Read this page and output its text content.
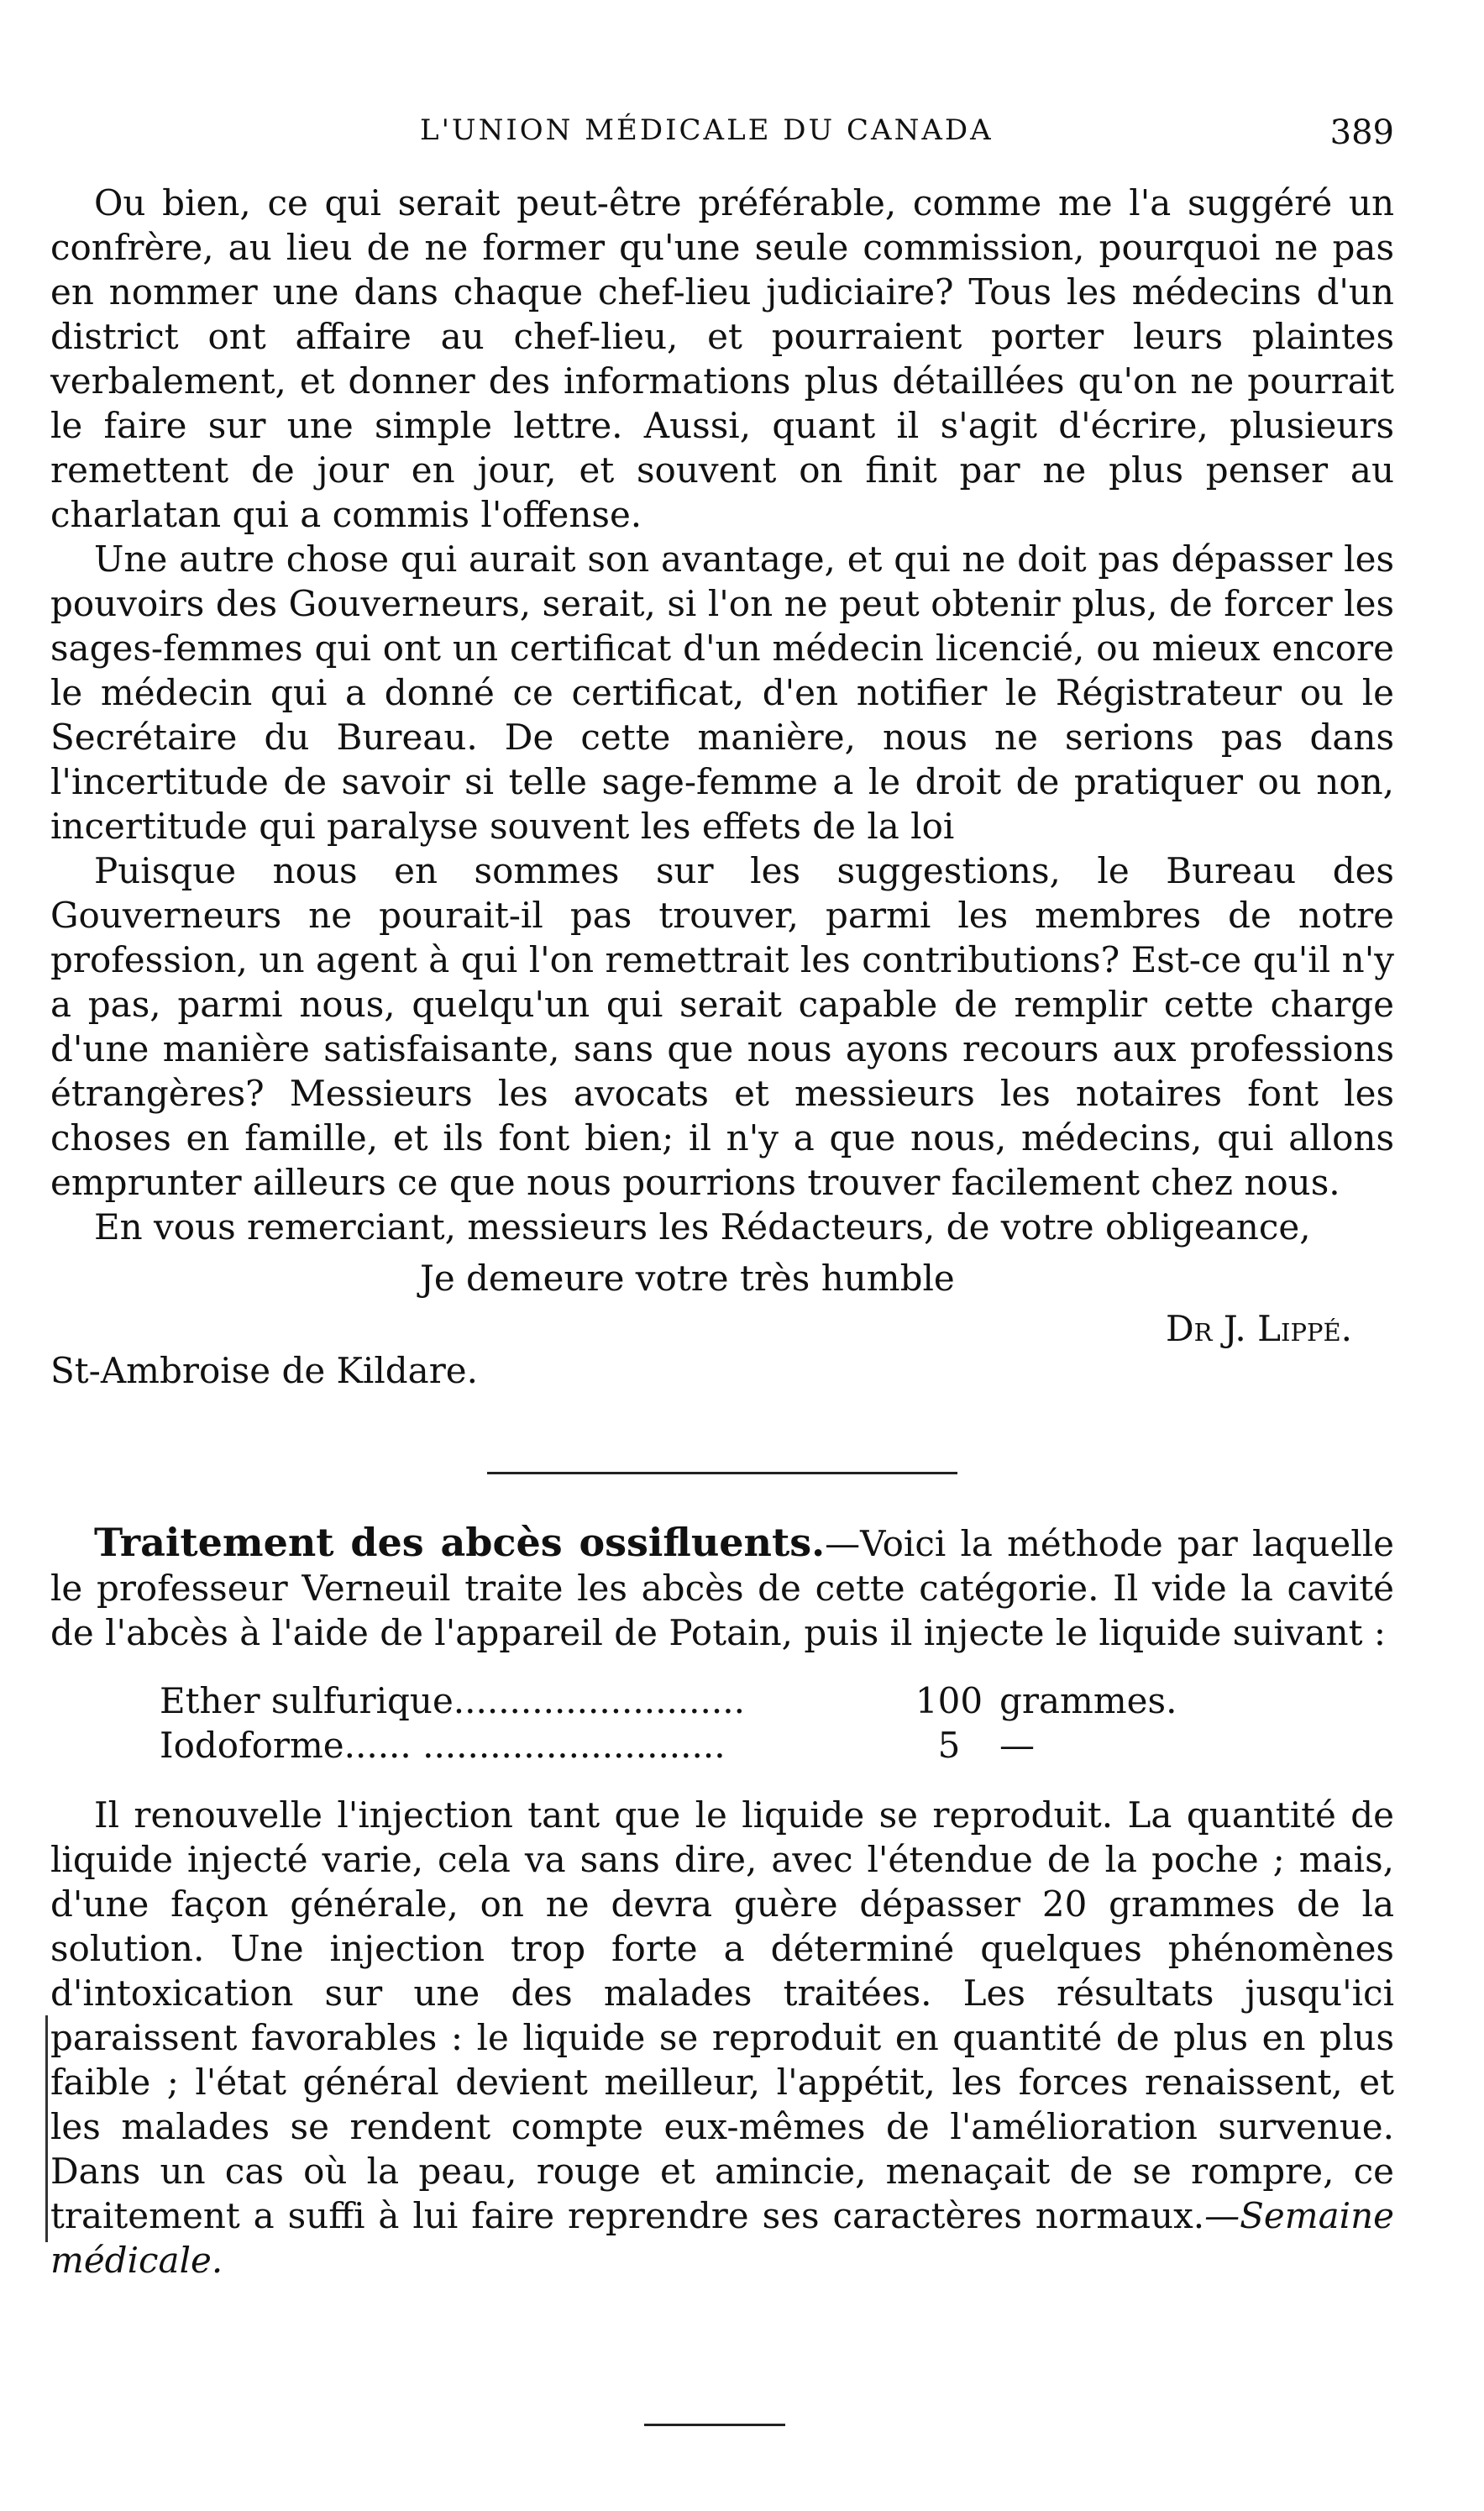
L'UNION MÉDICALE DU CANADA	389

Ou bien, ce qui serait peut-être préférable, comme me l'a suggéré un confrère, au lieu de ne former qu'une seule commission, pourquoi ne pas en nommer une dans chaque chef-lieu judiciaire? Tous les médecins d'un district ont affaire au chef-lieu, et pourraient porter leurs plaintes verbalement, et donner des informations plus détaillées qu'on ne pourrait le faire sur une simple lettre. Aussi, quant il s'agit d'écrire, plusieurs remettent de jour en jour, et souvent on finit par ne plus penser au charlatan qui a commis l'offense.

Une autre chose qui aurait son avantage, et qui ne doit pas dépasser les pouvoirs des Gouverneurs, serait, si l'on ne peut obtenir plus, de forcer les sages-femmes qui ont un certificat d'un médecin licencié, ou mieux encore le médecin qui a donné ce certificat, d'en notifier le Régistrateur ou le Secrétaire du Bureau. De cette manière, nous ne serions pas dans l'incertitude de savoir si telle sage-femme a le droit de pratiquer ou non, incertitude qui paralyse souvent les effets de la loi

Puisque nous en sommes sur les suggestions, le Bureau des Gouverneurs ne pourait-il pas trouver, parmi les membres de notre profession, un agent à qui l'on remettrait les contributions? Est-ce qu'il n'y a pas, parmi nous, quelqu'un qui serait capable de remplir cette charge d'une manière satisfaisante, sans que nous ayons recours aux professions étrangères? Messieurs les avocats et messieurs les notaires font les choses en famille, et ils font bien; il n'y a que nous, médecins, qui allons emprunter ailleurs ce que nous pourrions trouver facilement chez nous.

En vous remerciant, messieurs les Rédacteurs, de votre obligeance,

Je demeure votre très humble
Dr J. Lippé.
St-Ambroise de Kildare.

Traitement des abcès ossifluents.—Voici la méthode par laquelle le professeur Verneuil traite les abcès de cette catégorie. Il vide la cavité de l'abcès à l'aide de l'appareil de Potain, puis il injecte le liquide suivant :

Ether sulfurique..........................	100 grammes.
Iodoforme...... ...........................	5	—

Il renouvelle l'injection tant que le liquide se reproduit. La quantité de liquide injecté varie, cela va sans dire, avec l'étendue de la poche ; mais, d'une façon générale, on ne devra guère dépasser 20 grammes de la solution. Une injection trop forte a déterminé quelques phénomènes d'intoxication sur une des malades traitées. Les résultats jusqu'ici paraissent favorables : le liquide se reproduit en quantité de plus en plus faible ; l'état général devient meilleur, l'appétit, les forces renaissent, et les malades se rendent compte eux-mêmes de l'amélioration survenue. Dans un cas où la peau, rouge et amincie, menaçait de se rompre, ce traitement a suffi à lui faire reprendre ses caractères normaux.—Semaine médicale.
